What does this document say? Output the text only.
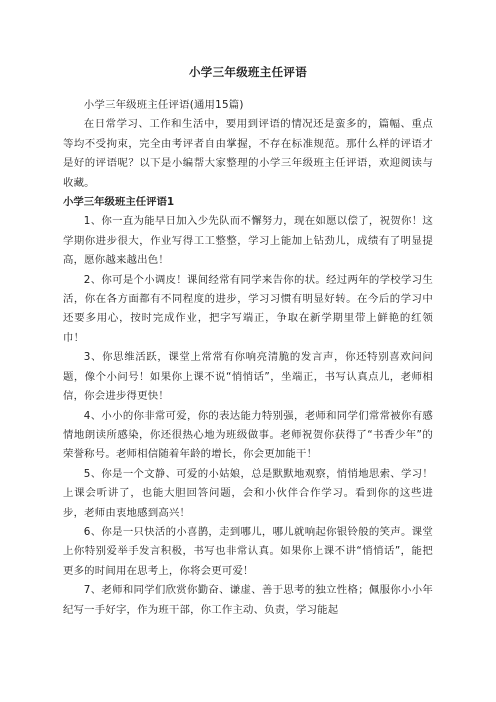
小学三年级班主任评语

小学三年级班主任评语(通用15篇)

在日常学习、工作和生活中，要用到评语的情况还是蛮多的，篇幅、重点等均不受拘束，完全由考评者自由掌握，不存在标准规范。那什么样的评语才是好的评语呢？以下是小编帮大家整理的小学三年级班主任评语，欢迎阅读与收藏。

小学三年级班主任评语1

1、你一直为能早日加入少先队而不懈努力，现在如愿以偿了，祝贺你！这学期你进步很大，作业写得工工整整，学习上能加上钻劲儿，成绩有了明显提高，愿你越来越出色！

2、你可是个小调皮！课间经常有同学来告你的状。经过两年的学校学习生活，你在各方面都有不同程度的进步，学习习惯有明显好转。在今后的学习中还要多用心，按时完成作业，把字写端正，争取在新学期里带上鲜艳的红领巾！

3、你思维活跃，课堂上常常有你响亮清脆的发言声，你还特别喜欢问问题，像个小问号！如果你上课不说“悄悄话”，坐端正，书写认真点儿，老师相信，你会进步得更快！

4、小小的你非常可爱，你的表达能力特别强，老师和同学们常常被你有感情地朗读所感染，你还很热心地为班级做事。老师祝贺你获得了“书香少年”的荣誉称号。老师相信随着年龄的增长，你会更加能干！

5、你是一个文静、可爱的小姑娘，总是默默地观察，悄悄地思索、学习！上课会听讲了，也能大胆回答问题，会和小伙伴合作学习。看到你的这些进步，老师由衷地感到高兴！

6、你是一只快活的小喜鹊，走到哪儿，哪儿就响起你银铃般的笑声。课堂上你特别爱举手发言积极，书写也非常认真。如果你上课不讲“悄悄话”，能把更多的时间用在思考上，你将会更可爱！

7、老师和同学们欣赏你勤奋、谦虚、善于思考的独立性格；佩服你小小年纪写一手好字，作为班干部，你工作主动、负责，学习能起
